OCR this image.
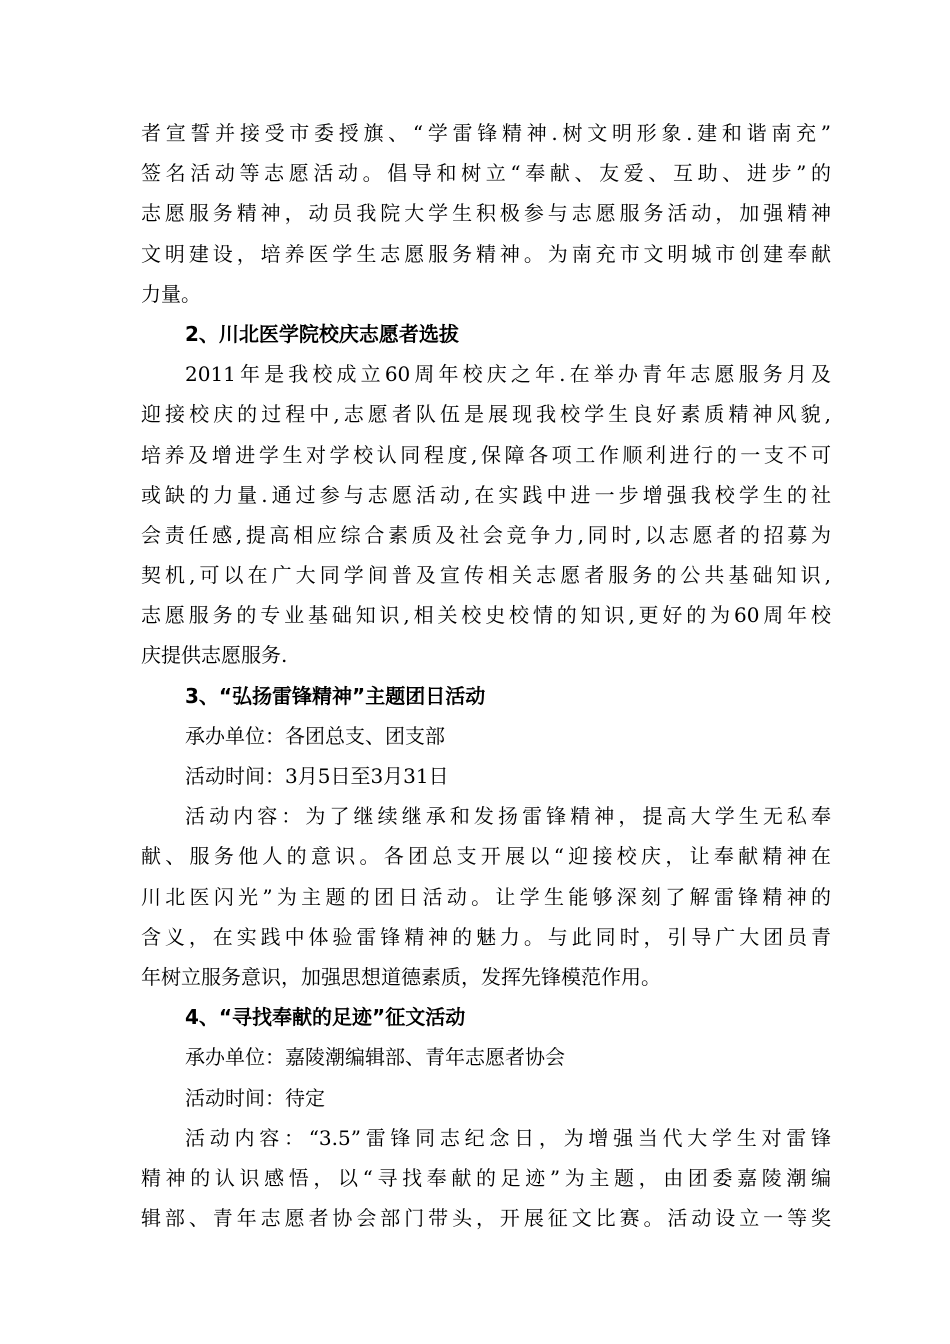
者宣誓并接受市委授旗、“学雷锋精神.树文明形象.建和谐南充”
签名活动等志愿活动。倡导和树立“奉献、友爱、互助、进步”的
志愿服务精神，动员我院大学生积极参与志愿服务活动，加强精神
文明建设，培养医学生志愿服务精神。为南充市文明城市创建奉献
力量。
2、川北医学院校庆志愿者选拔
2011年是我校成立60周年校庆之年.在举办青年志愿服务月及
迎接校庆的过程中,志愿者队伍是展现我校学生良好素质精神风貌,
培养及增进学生对学校认同程度,保障各项工作顺利进行的一支不可
或缺的力量.通过参与志愿活动,在实践中进一步增强我校学生的社
会责任感,提高相应综合素质及社会竞争力,同时,以志愿者的招募为
契机,可以在广大同学间普及宣传相关志愿者服务的公共基础知识,
志愿服务的专业基础知识,相关校史校情的知识,更好的为60周年校
庆提供志愿服务.
3、“弘扬雷锋精神”主题团日活动
承办单位：各团总支、团支部
活动时间：3月5日至3月31日
活动内容：为了继续继承和发扬雷锋精神，提高大学生无私奉
献、服务他人的意识。各团总支开展以“迎接校庆，让奉献精神在
川北医闪光”为主题的团日活动。让学生能够深刻了解雷锋精神的
含义，在实践中体验雷锋精神的魅力。与此同时，引导广大团员青
年树立服务意识，加强思想道德素质，发挥先锋模范作用。
4、“寻找奉献的足迹”征文活动
承办单位：嘉陵潮编辑部、青年志愿者协会
活动时间：待定
活动内容：“3.5”雷锋同志纪念日，为增强当代大学生对雷锋
精神的认识感悟，以“寻找奉献的足迹”为主题，由团委嘉陵潮编
辑部、青年志愿者协会部门带头，开展征文比赛。活动设立一等奖
